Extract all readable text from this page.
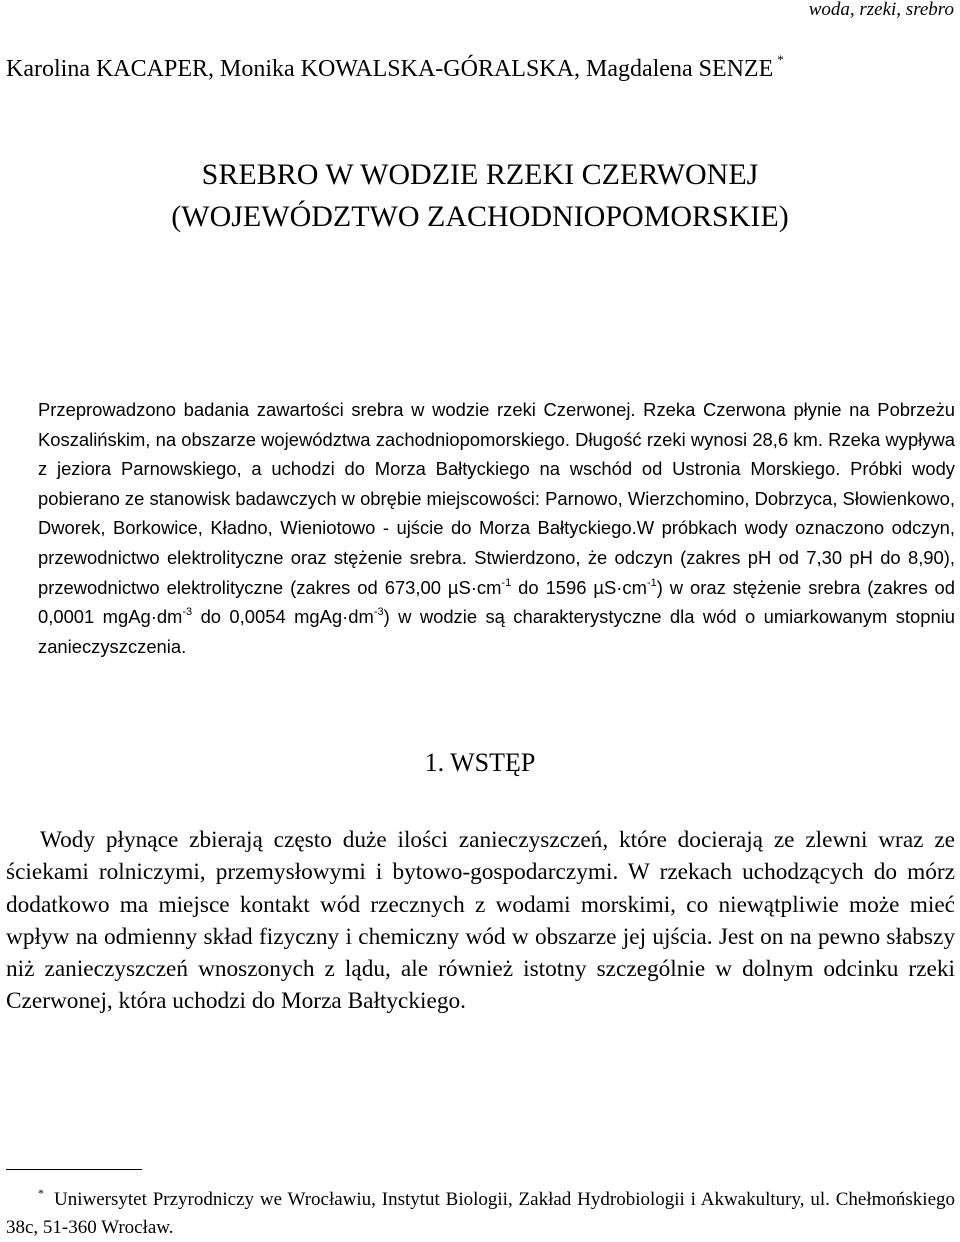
woda, rzeki, srebro
Karolina KACAPER, Monika KOWALSKA-GÓRALSKA, Magdalena SENZE *
SREBRO W WODZIE RZEKI CZERWONEJ
(WOJEWÓDZTWO ZACHODNIOPOMORSKIE)

Przeprowadzono badania zawartości srebra w wodzie rzeki Czerwonej. Rzeka Czerwona płynie na Pobrzeżu Koszalińskim, na obszarze województwa zachodniopomorskiego. Długość rzeki wynosi 28,6 km. Rzeka wypływa z jeziora Parnowskiego, a uchodzi do Morza Bałtyckiego na wschód od Ustronia Morskiego. Próbki wody pobierano ze stanowisk badawczych w obrębie miejscowości: Parnowo, Wierzchomino, Dobrzyca, Słowienkowo, Dworek, Borkowice, Kładno, Wieniotowo - ujście do Morza Bałtyckiego.W próbkach wody oznaczono odczyn, przewodnictwo elektrolityczne oraz stężenie srebra. Stwierdzono, że odczyn (zakres pH od 7,30 pH do 8,90), przewodnictwo elektrolityczne (zakres od 673,00 $\mu S\cdot cm^{-1}$ do 1596 $\mu S\cdot cm^{-1}$) w oraz stężenie srebra (zakres od 0,0001 $mgAg\cdot dm^{-3}$ do 0,0054 $mgAg\cdot dm^{-3}$) w wodzie są charakterystyczne dla wód o umiarkowanym stopniu zanieczyszczenia.

1. WSTĘP

Wody płynące zbierają często duże ilości zanieczyszczeń, które docierają ze zlewni wraz ze ściekami rolniczymi, przemysłowymi i bytowo-gospodarczymi. W rzekach uchodzących do mórz dodatkowo ma miejsce kontakt wód rzecznych z wodami morskimi, co niewątpliwie może mieć wpływ na odmienny skład fizyczny i chemiczny wód w obszarze jej ujścia. Jest on na pewno słabszy niż zanieczyszczeń wnoszonych z lądu, ale również istotny szczególnie w dolnym odcinku rzeki Czerwonej, która uchodzi do Morza Bałtyckiego.

* Uniwersytet Przyrodniczy we Wrocławiu, Instytut Biologii, Zakład Hydrobiologii i Akwakultury, ul. Chełmońskiego 38c, 51-360 Wrocław.
